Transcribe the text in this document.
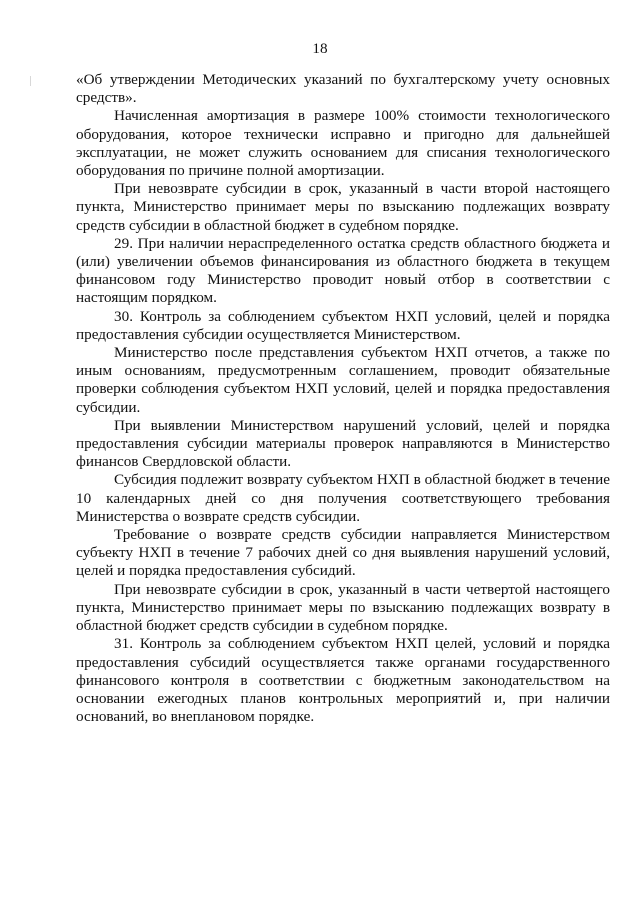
18

«Об утверждении Методических указаний по бухгалтерскому учету основных средств».

Начисленная амортизация в размере 100% стоимости технологического оборудования, которое технически исправно и пригодно для дальнейшей эксплуатации, не может служить основанием для списания технологического оборудования по причине полной амортизации.

При невозврате субсидии в срок, указанный в части второй настоящего пункта, Министерство принимает меры по взысканию подлежащих возврату средств субсидии в областной бюджет в судебном порядке.

29. При наличии нераспределенного остатка средств областного бюджета и (или) увеличении объемов финансирования из областного бюджета в текущем финансовом году Министерство проводит новый отбор в соответствии с настоящим порядком.

30. Контроль за соблюдением субъектом НХП условий, целей и порядка предоставления субсидии осуществляется Министерством.

Министерство после представления субъектом НХП отчетов, а также по иным основаниям, предусмотренным соглашением, проводит обязательные проверки соблюдения субъектом НХП условий, целей и порядка предоставления субсидии.

При выявлении Министерством нарушений условий, целей и порядка предоставления субсидии материалы проверок направляются в Министерство финансов Свердловской области.

Субсидия подлежит возврату субъектом НХП в областной бюджет в течение 10 календарных дней со дня получения соответствующего требования Министерства о возврате средств субсидии.

Требование о возврате средств субсидии направляется Министерством субъекту НХП в течение 7 рабочих дней со дня выявления нарушений условий, целей и порядка предоставления субсидий.

При невозврате субсидии в срок, указанный в части четвертой настоящего пункта, Министерство принимает меры по взысканию подлежащих возврату в областной бюджет средств субсидии в судебном порядке.

31. Контроль за соблюдением субъектом НХП целей, условий и порядка предоставления субсидий осуществляется также органами государственного финансового контроля в соответствии с бюджетным законодательством на основании ежегодных планов контрольных мероприятий и, при наличии оснований, во внеплановом порядке.
